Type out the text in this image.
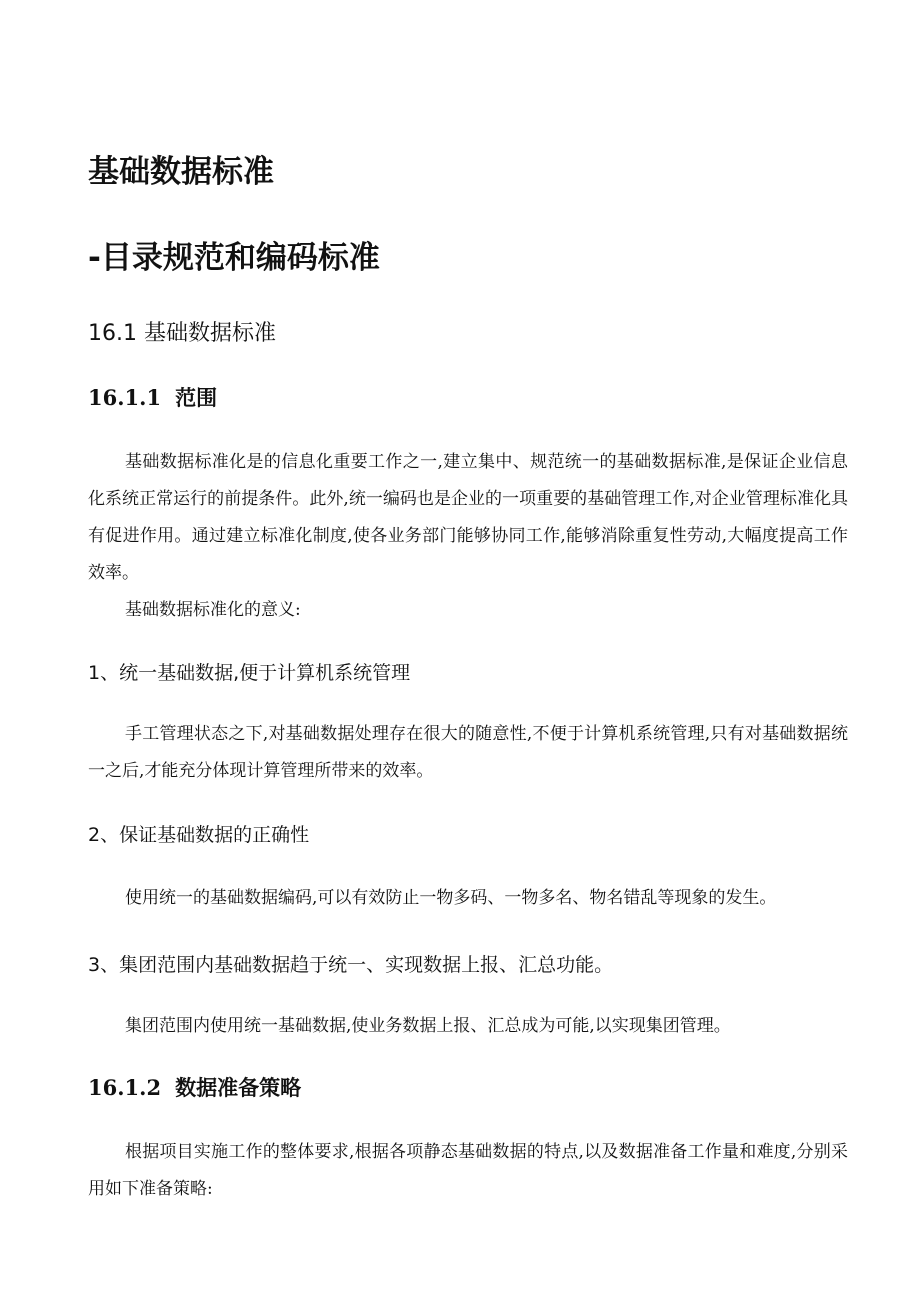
基础数据标准
-目录规范和编码标准
16.1 基础数据标准
16.1.1 范围

基础数据标准化是的信息化重要工作之一,建立集中、规范统一的基础数据标准,是保证企业信息化系统正常运行的前提条件。此外,统一编码也是企业的一项重要的基础管理工作,对企业管理标准化具有促进作用。通过建立标准化制度,使各业务部门能够协同工作,能够消除重复性劳动,大幅度提高工作效率。

基础数据标准化的意义:

1、统一基础数据,便于计算机系统管理

手工管理状态之下,对基础数据处理存在很大的随意性,不便于计算机系统管理,只有对基础数据统一之后,才能充分体现计算管理所带来的效率。

2、保证基础数据的正确性

使用统一的基础数据编码,可以有效防止一物多码、一物多名、物名错乱等现象的发生。

3、集团范围内基础数据趋于统一、实现数据上报、汇总功能。

集团范围内使用统一基础数据,使业务数据上报、汇总成为可能,以实现集团管理。

16.1.2 数据准备策略

根据项目实施工作的整体要求,根据各项静态基础数据的特点,以及数据准备工作量和难度,分别采用如下准备策略:
